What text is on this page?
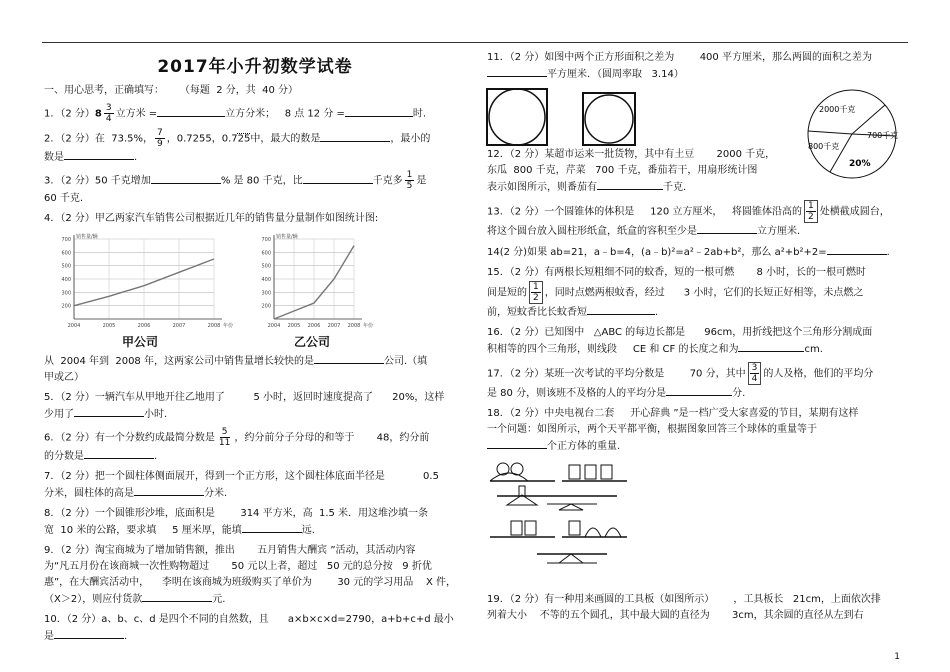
2017年小升初数学试卷
一、用心思考，正确填写：     （每题  2 分，共  40 分）
1．（2 分）$8 \frac{3}{4}$ 立方米 =	立方分米；   8 点 12 分 =	时.
2．（2 分）在  73.5%， $\frac{7}{9}$ ，0.7255，0.725中，最大的数是	，最小的
数是	.
3．（2 分）50 千克增加	% 是 80 千克，比	千克多 $\frac{1}{5}$ 是
60 千克.
4．（2 分）甲乙两家汽车销售公司根据近几年的销售量分量制作如图统计图:
200
300
400
500
600
700
2004	2005	2006	2007	2008
销售量/辆
年份
200
300
400
500
600
700
2004 2005 2006 2007 2008
销售量/辆
年份
甲公司	乙公司
从  2004 年到  2008 年，这两家公司中销售量增长较快的是	公司.（填
甲或乙）
5．（2 分）一辆汽车从甲地开往乙地用了         5 小时，返回时速度提高了      20%，这样
少用了	小时.
6．（2 分）有一个分数约成最简分数是 $\frac{5}{11}$ ，约分前分子分母的和等于       48，约分前
的分数是	.
7．（2 分）把一个圆柱体侧面展开，得到一个正方形，这个圆柱体底面半径是            0.5
分米，圆柱体的高是	分米.
8．（2 分）一个圆锥形沙堆，底面积是        314 平方米，高  1.5 米．用这堆沙填一条
宽  10 米的公路，要求填     5 厘米厚，能填	远.
9．（2 分）淘宝商城为了增加销售额，推出       五月销售大酬宾 ”活动，其活动内容
为“凡五月份在该商城一次性购物超过       50 元以上者，超过   50 元的总分按   9 折优
惠”，在大酬宾活动中，    李明在该商城为班级购买了单价为        30 元的学习用品    X 件，
（X＞2），则应付货款	元.
10．（2 分）a、b、c、d 是四个不同的自然数，且      a×b×c×d=2790，a+b+c+d 最小
是	.
11．（2 分）如图中两个正方形面积之差为        400 平方厘米，那么两圆的面积之差为
平方厘米．（圆周率取   3.14）
2000千克
800千克
700千克
20%
12．（2 分）某超市运来一批货物，其中有土豆       2000 千克，
东瓜  800 千克，芹菜   700 千克，番茄若干，用扇形统计图
表示如图所示，则番茄有	千克.
13．（2 分）一个圆锥体的体积是     120 立方厘米，   将圆锥体沿高的 $\frac{1}{2}$ 处横截成圆台，
将这个圆台放入圆柱形纸盒，纸盒的容积至少是	立方厘米.
14(2 分)如果 ab=21，a﹣b=4，(a﹣b)²=a²﹣2ab+b²，那么 a²+b²+2=	.
15．（2 分）有两根长短粗细不同的蚊香，短的一根可燃       8 小时，长的一根可燃时
间是短的 $\frac{1}{2}$ ，同时点燃两根蚊香，经过      3 小时，它们的长短正好相等，未点燃之
前，短蚊香比长蚊香短	.
16．（2 分）已知图中   △ABC 的每边长都是      96cm，用折线把这个三角形分割成面
积相等的四个三角形，则线段     CE 和 CF 的长度之和为	cm.
17．（2 分）某班一次考试的平均分数是        70 分，其中 $\frac{3}{4}$ 的人及格，他们的平均分
是 80 分，则该班不及格的人的平均分是	分.
18．（2 分）中央电视台二套     开心辞典 ”是一档广受大家喜爱的节目，某期有这样
一个问题：如图所示，两个天平都平衡，根据图象回答三个球体的重量等于
个正方体的重量.
19．（2 分）有一种用来画圆的工具板（如图所示）      ，工具板长   21cm，上面依次排
列着大小    不等的五个圆孔，其中最大圆的直径为       3cm，其余圆的直径从左到右
1
